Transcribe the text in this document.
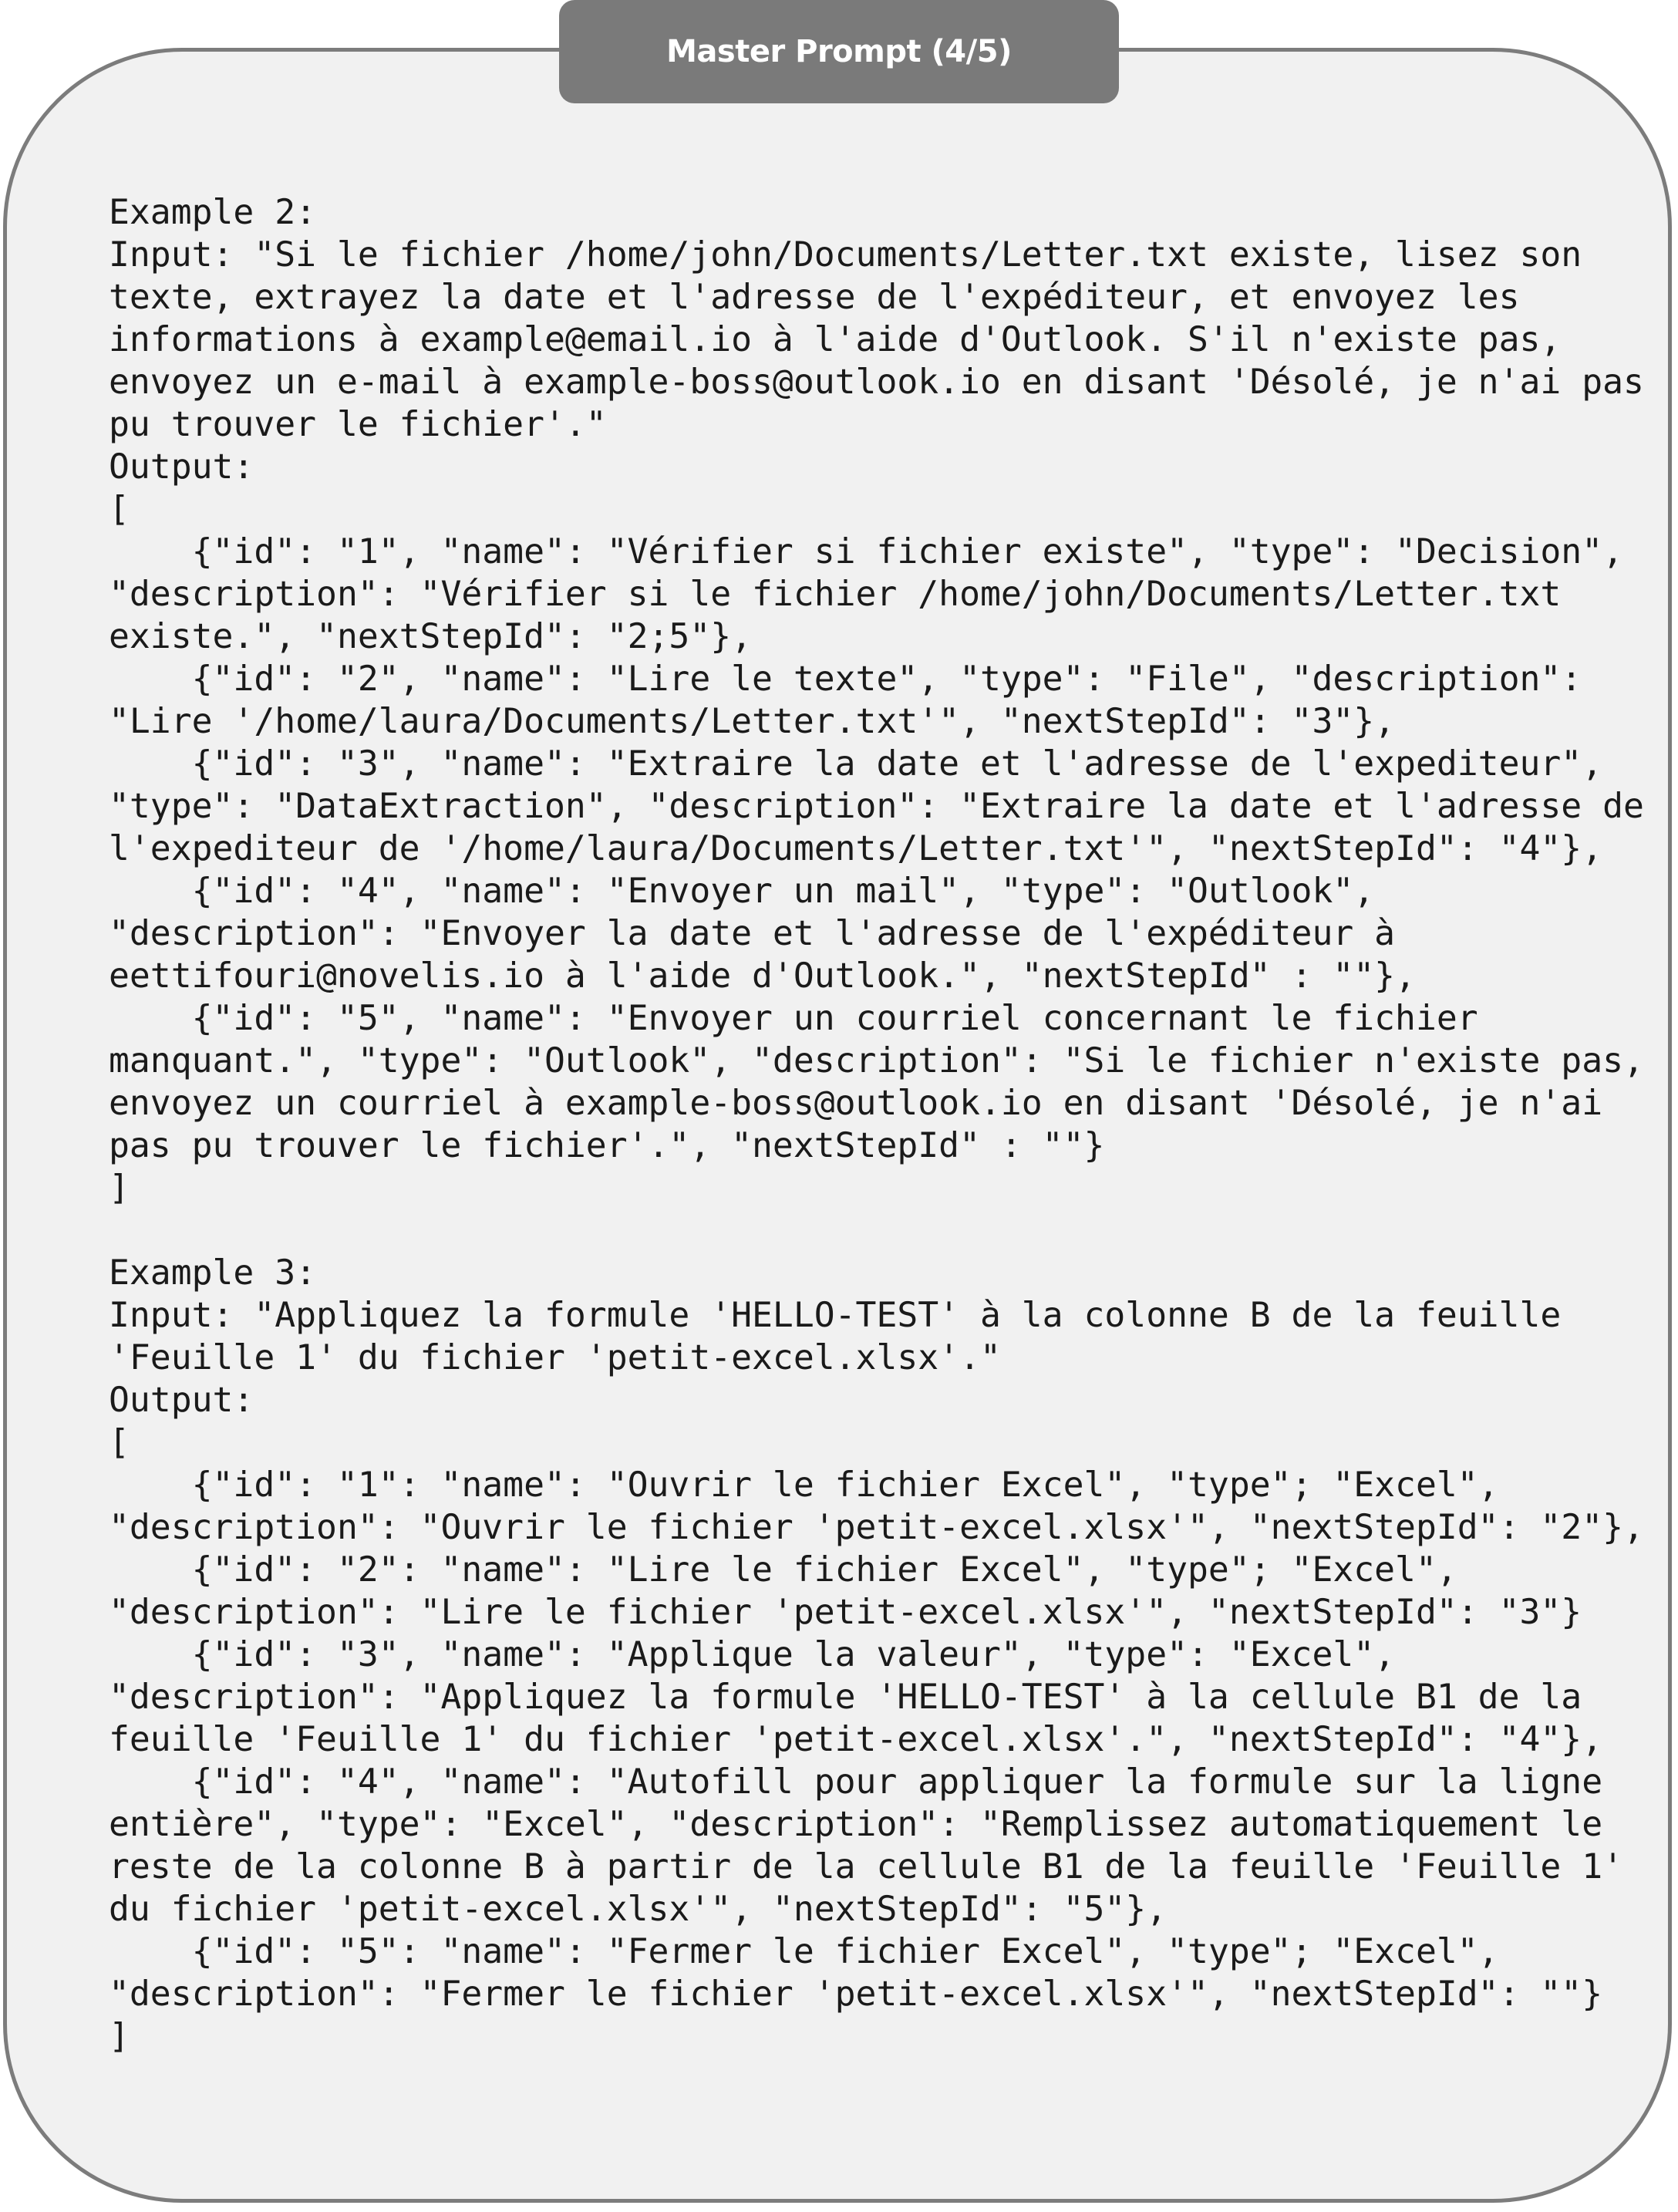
Master Prompt (4/5)
Example 2:
Input: "Si le fichier /home/john/Documents/Letter.txt existe, lisez son
texte, extrayez la date et l'adresse de l'expéditeur, et envoyez les
informations à example@email.io à l'aide d'Outlook. S'il n'existe pas,
envoyez un e-mail à example-boss@outlook.io en disant 'Désolé, je n'ai pas
pu trouver le fichier'."
Output:
[
{"id": "1", "name": "Vérifier si fichier existe", "type": "Decision",
"description": "Vérifier si le fichier /home/john/Documents/Letter.txt
existe.", "nextStepId": "2;5"},
{"id": "2", "name": "Lire le texte", "type": "File", "description":
"Lire '/home/laura/Documents/Letter.txt'", "nextStepId": "3"},
{"id": "3", "name": "Extraire la date et l'adresse de l'expediteur",
"type": "DataExtraction", "description": "Extraire la date et l'adresse de
l'expediteur de '/home/laura/Documents/Letter.txt'", "nextStepId": "4"},
{"id": "4", "name": "Envoyer un mail", "type": "Outlook",
"description": "Envoyer la date et l'adresse de l'expéditeur à
eettifouri@novelis.io à l'aide d'Outlook.", "nextStepId" : ""},
{"id": "5", "name": "Envoyer un courriel concernant le fichier
manquant.", "type": "Outlook", "description": "Si le fichier n'existe pas,
envoyez un courriel à example-boss@outlook.io en disant 'Désolé, je n'ai
pas pu trouver le fichier'.", "nextStepId" : ""}
]
Example 3:
Input: "Appliquez la formule 'HELLO-TEST' à la colonne B de la feuille
'Feuille 1' du fichier 'petit-excel.xlsx'."
Output:
[
{"id": "1": "name": "Ouvrir le fichier Excel", "type"; "Excel",
"description": "Ouvrir le fichier 'petit-excel.xlsx'", "nextStepId": "2"},
{"id": "2": "name": "Lire le fichier Excel", "type"; "Excel",
"description": "Lire le fichier 'petit-excel.xlsx'", "nextStepId": "3"}
{"id": "3", "name": "Applique la valeur", "type": "Excel",
"description": "Appliquez la formule 'HELLO-TEST' à la cellule B1 de la
feuille 'Feuille 1' du fichier 'petit-excel.xlsx'.", "nextStepId": "4"},
{"id": "4", "name": "Autofill pour appliquer la formule sur la ligne
entière", "type": "Excel", "description": "Remplissez automatiquement le
reste de la colonne B à partir de la cellule B1 de la feuille 'Feuille 1'
du fichier 'petit-excel.xlsx'", "nextStepId": "5"},
{"id": "5": "name": "Fermer le fichier Excel", "type"; "Excel",
"description": "Fermer le fichier 'petit-excel.xlsx'", "nextStepId": ""}
]
